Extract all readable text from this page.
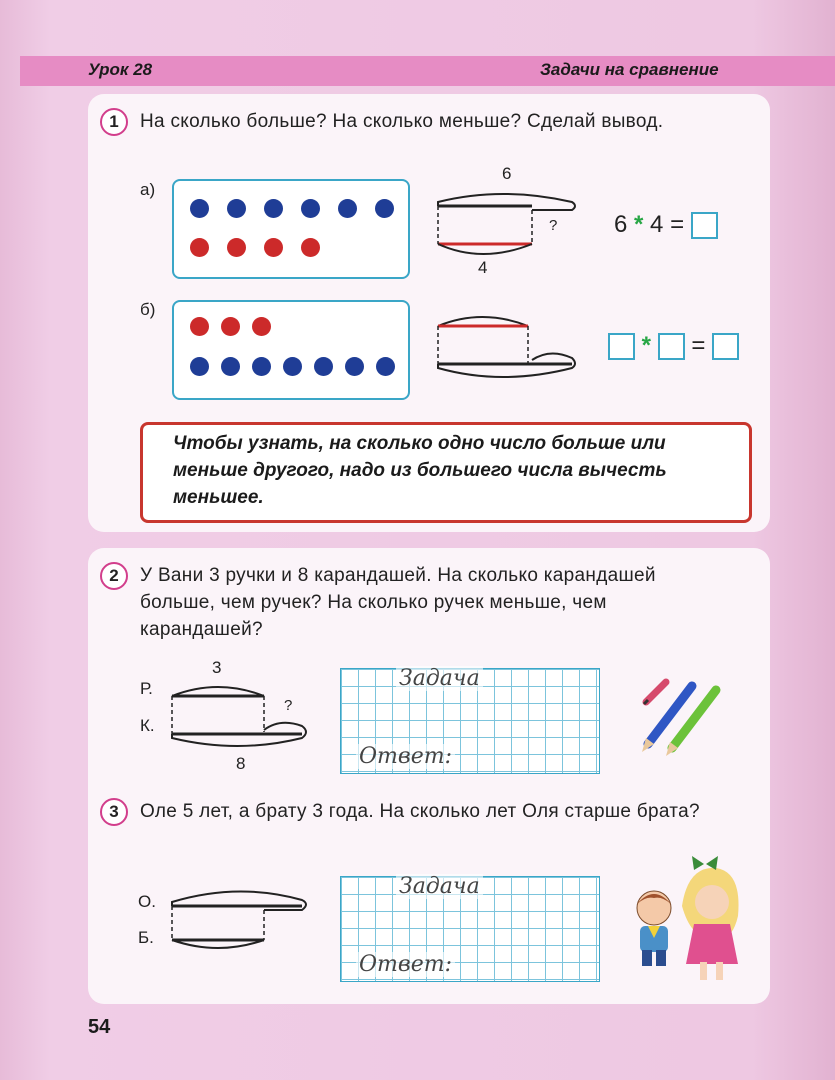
Урок 28	Задачи на сравнение
1	На сколько больше? На сколько меньше? Сделай вывод.
а)
6
4
? 6 * 4 =
б)
* =

Чтобы узнать, на сколько одно число больше или меньше другого, надо из большего числа вычесть меньшее.

2	У Вани 3 ручки и 8 карандашей. На сколько карандашей больше, чем ручек? На сколько ручек меньше, чем карандашей?
Р.
К.
3
8
?
Задача
Ответ:
3	Оле 5 лет, а брату 3 года. На сколько лет Оля старше брата?
О.
Б.
Задача
Ответ:
54
